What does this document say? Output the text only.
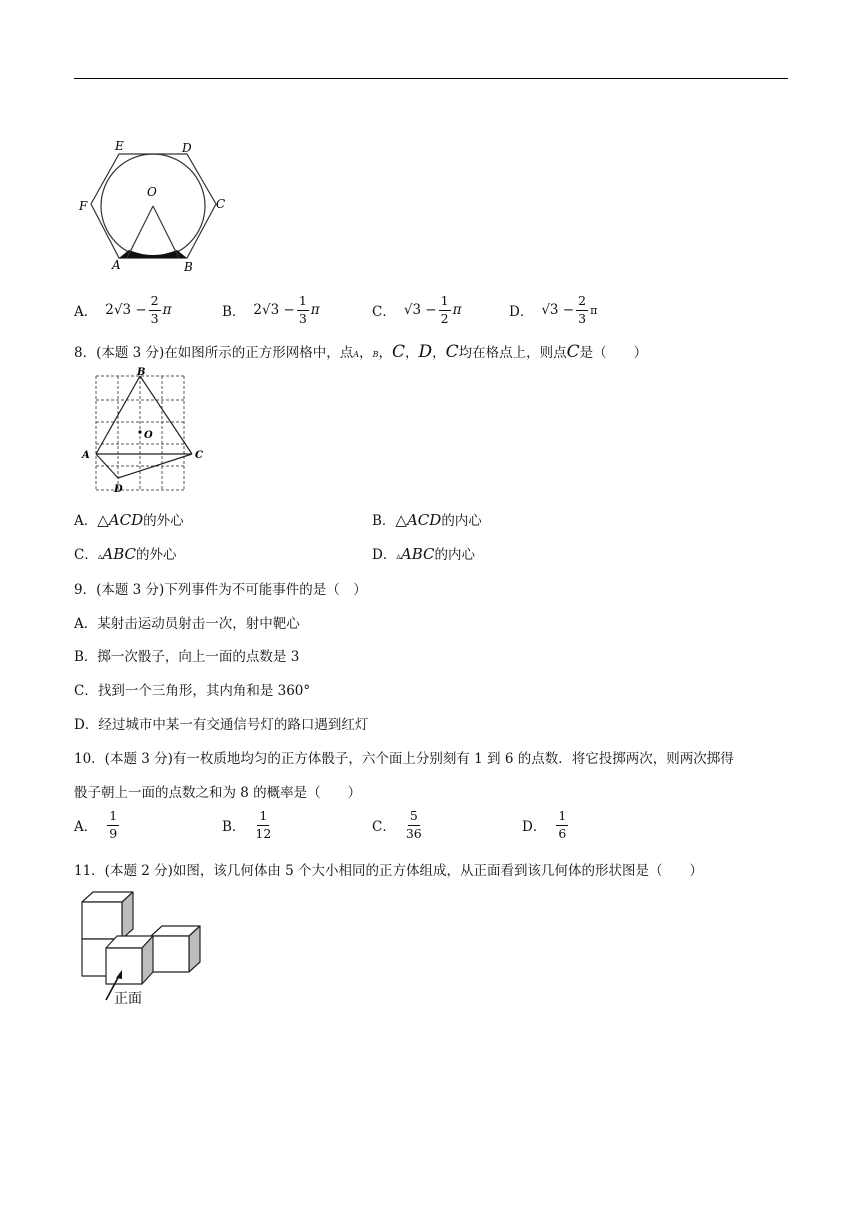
E	D
O
F	C
A	B
A． $2√3 - \frac{2}{3}$ π	B． $2√3 - \frac{1}{3}$ π	C． $√3 - \frac{1}{2}$ π	D． $√3 - \frac{2}{3}$ π
8．(本题 3 分)在如图所示的正方形网格中，点A，B，C，D，C均在格点上，则点C是（　　）
B
O
A	C
D
A．△ACD的外心	B．△ACD的内心
C．▵ABC的外心	D．▵ABC的内心
9．(本题 3 分)下列事件为不可能事件的是（　）
A．某射击运动员射击一次，射中靶心
B．掷一次骰子，向上一面的点数是 3
C．找到一个三角形，其内角和是 360°
D．经过城市中某一有交通信号灯的路口遇到红灯
10．(本题 3 分)有一枚质地均匀的正方体骰子，六个面上分别刻有 1 到 6 的点数．将它投掷两次，则两次掷得
骰子朝上一面的点数之和为 8 的概率是（　　）
A． $\frac{1}{9}$	B． $\frac{1}{12}$	C． $\frac{5}{36}$	D． $\frac{1}{6}$
11．(本题 2 分)如图，该几何体由 5 个大小相同的正方体组成，从正面看到该几何体的形状图是（　　）
正面
